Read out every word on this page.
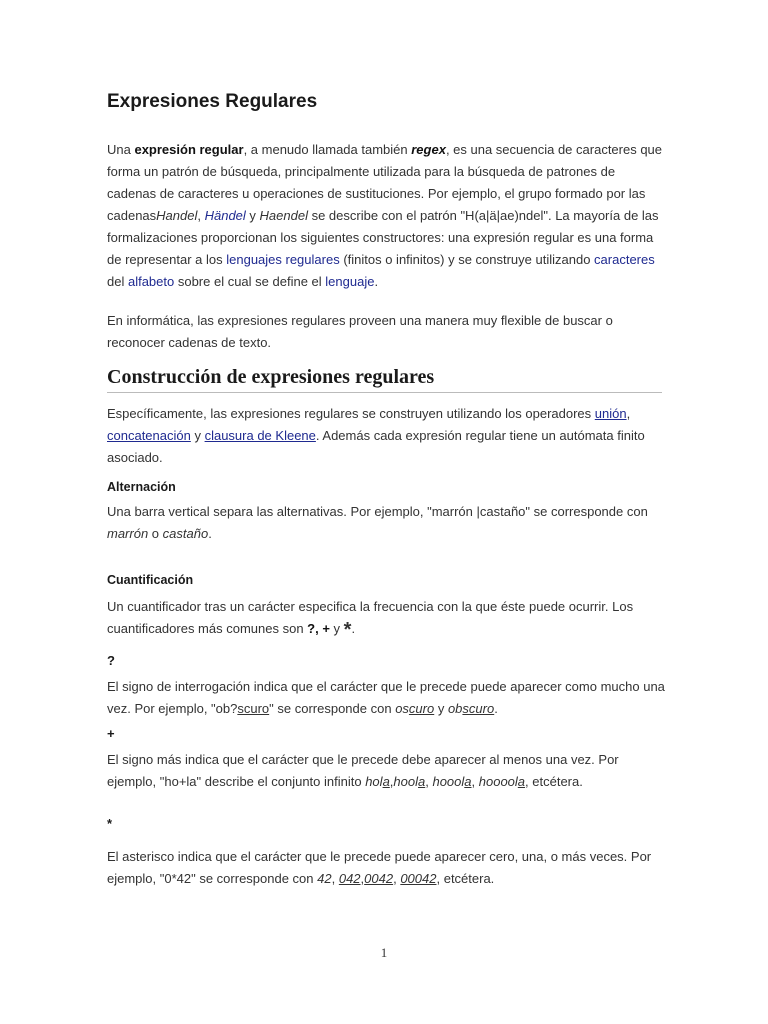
Expresiones Regulares

Una expresión regular, a menudo llamada también regex, es una secuencia de caracteres que forma un patrón de búsqueda, principalmente utilizada para la búsqueda de patrones de cadenas de caracteres u operaciones de sustituciones. Por ejemplo, el grupo formado por las cadenasHandel, Händel y Haendel se describe con el patrón "H(a|ä|ae)ndel". La mayoría de las formalizaciones proporcionan los siguientes constructores: una expresión regular es una forma de representar a los lenguajes regulares (finitos o infinitos) y se construye utilizando caracteres del alfabeto sobre el cual se define el lenguaje.

En informática, las expresiones regulares proveen una manera muy flexible de buscar o reconocer cadenas de texto.

Construcción de expresiones regulares

Específicamente, las expresiones regulares se construyen utilizando los operadores unión, concatenación y clausura de Kleene. Además cada expresión regular tiene un autómata finito asociado.

Alternación

Una barra vertical separa las alternativas. Por ejemplo, "marrón |castaño" se corresponde con marrón o castaño.

Cuantificación

Un cuantificador tras un carácter especifica la frecuencia con la que éste puede ocurrir. Los cuantificadores más comunes son ?, + y *.

?

El signo de interrogación indica que el carácter que le precede puede aparecer como mucho una vez. Por ejemplo, "ob?scuro" se corresponde con oscuro y obscuro.

+

El signo más indica que el carácter que le precede debe aparecer al menos una vez. Por ejemplo, "ho+la" describe el conjunto infinito hola,hoola, hooola, hoooola, etcétera.

*

El asterisco indica que el carácter que le precede puede aparecer cero, una, o más veces. Por ejemplo, "0*42" se corresponde con 42, 042,0042, 00042, etcétera.

1
